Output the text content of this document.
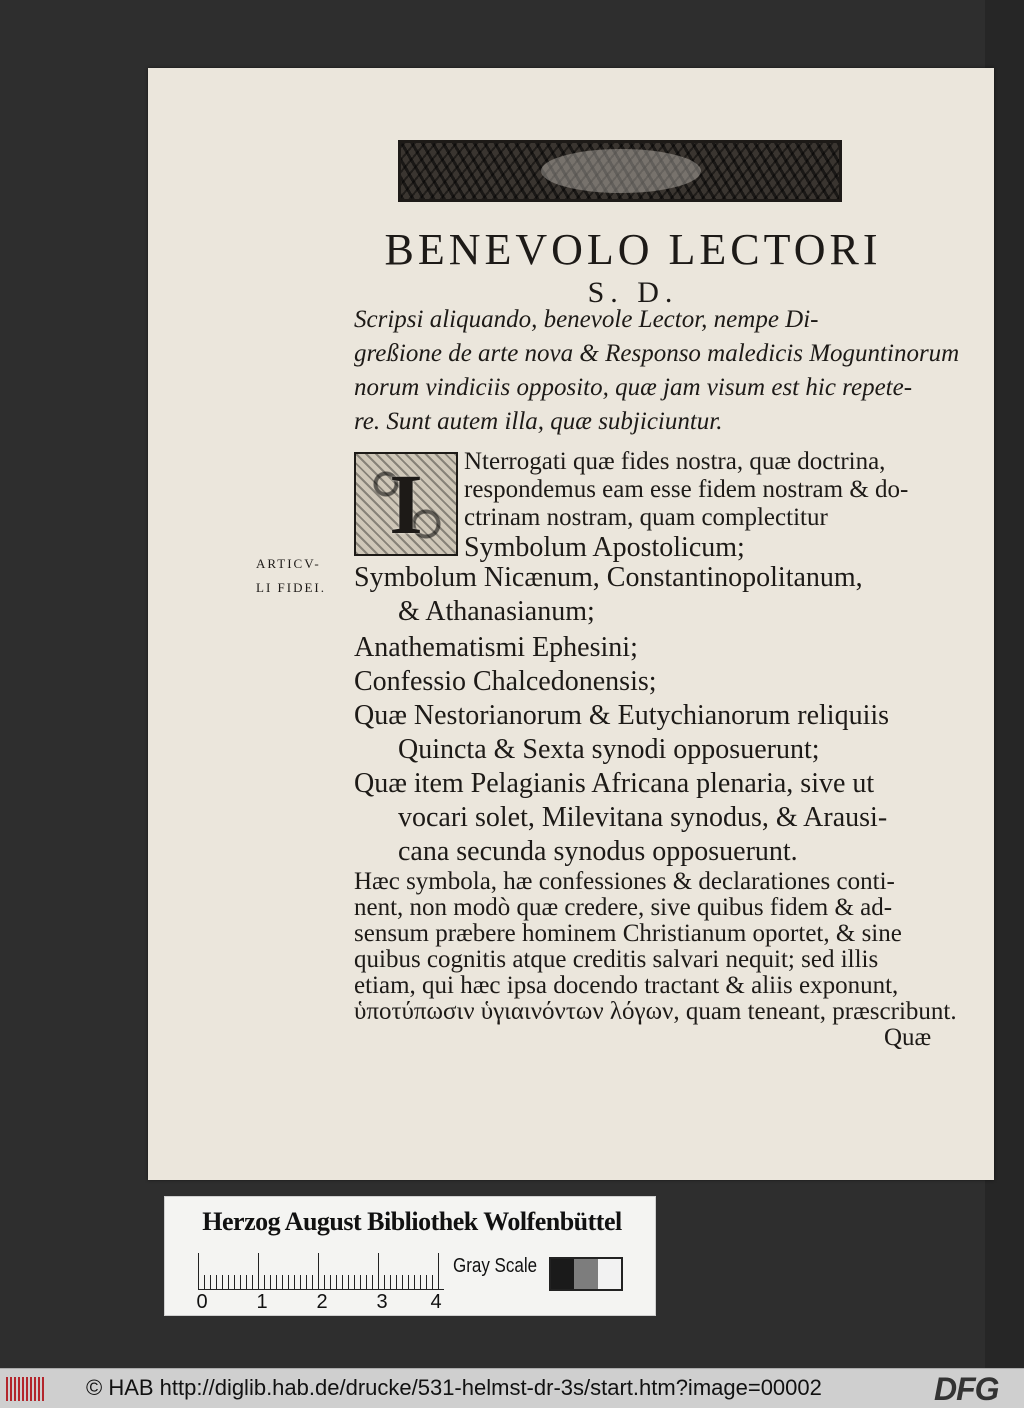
BENEVOLO LECTORI
S. D.
Scripsi aliquando, benevole Lector, nempe Di-
greßione de arte nova & Responso maledicis Moguntinorum
norum vindiciis opposito, quæ jam visum est hic repete-
re. Sunt autem illa, quæ subjiciuntur.
I	Nterrogati quæ fides nostra, quæ doctrina,
respondemus eam esse fidem nostram & do-
ctrinam nostram, quam complectitur
Symbolum Apostolicum;
ARTICV-
LI FIDEI. Symbolum Nicænum, Constantinopolitanum,
& Athanasianum;
Anathematismi Ephesini;
Confessio Chalcedonensis;
Quæ Nestorianorum & Eutychianorum reliquiis
Quincta & Sexta synodi opposuerunt;
Quæ item Pelagianis Africana plenaria, sive ut
vocari solet, Milevitana synodus, & Arausi-
cana secunda synodus opposuerunt.
Hæc symbola, hæ confessiones & declarationes conti-
nent, non modò quæ credere, sive quibus fidem & ad-
sensum præbere hominem Christianum oportet, & sine
quibus cognitis atque creditis salvari nequit; sed illis
etiam, qui hæc ipsa docendo tractant & aliis exponunt,
ὑποτύπωσιν ὑγιαινόντων λόγων, quam teneant, præscribunt.
Quæ
Herzog August Bibliothek Wolfenbüttel
0 1 2 3 4
Gray Scale
© HAB http://diglib.hab.de/drucke/531-helmst-dr-3s/start.htm?image=00002	DFG
